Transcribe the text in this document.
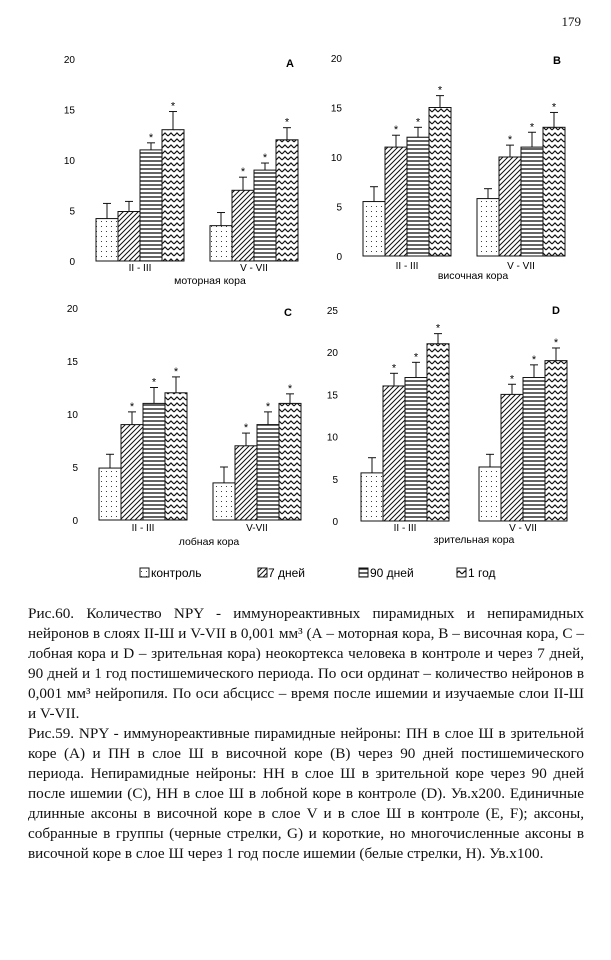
179
0
5
10
15
20	A
*
*
II - III
*
*
*
V - VII
моторная кора
0
5
10
15
20	B
*
*
*
II - III
*
*
*
V - VII
височная кора
0
5
10
15
20	C
*
*
*
II - III
*
*
*
V-VII
лобная кора
0
5
10
15
20
25	D
*
*
*
II - III
*
*
*
V - VII
зрительная кора
контроль	7 дней	90 дней	1 год

Рис.60. Количество NPY - иммунореактивных пирамидных и непирамидных нейронов в слоях II-Ш и V-VII в 0,001 мм³ (А – моторная кора, В – височная кора, С – лобная кора и D – зрительная кора) неокортекса человека в контроле и через 7 дней, 90 дней и 1 год постишемического периода. По оси ординат – количество нейронов в 0,001 мм³ нейропиля. По оси абсцисс – время после ишемии и изучаемые слои II-Ш и V-VII.

Рис.59. NPY - иммунореактивные пирамидные нейроны: ПН в слое Ш в зрительной коре (А) и ПН в слое Ш в височной коре (В) через 90 дней постишемического периода. Непирамидные нейроны: НН в слое Ш в зрительной коре через 90 дней после ишемии (С), НН в слое Ш в лобной коре в контроле (D). Ув.х200. Единичные длинные аксоны в височной коре в слое V и в слое Ш в контроле (Е, F); аксоны, собранные в группы (черные стрелки, G) и короткие, но многочисленные аксоны в височной коре в слое Ш через 1 год после ишемии (белые стрелки, H). Ув.х100.
